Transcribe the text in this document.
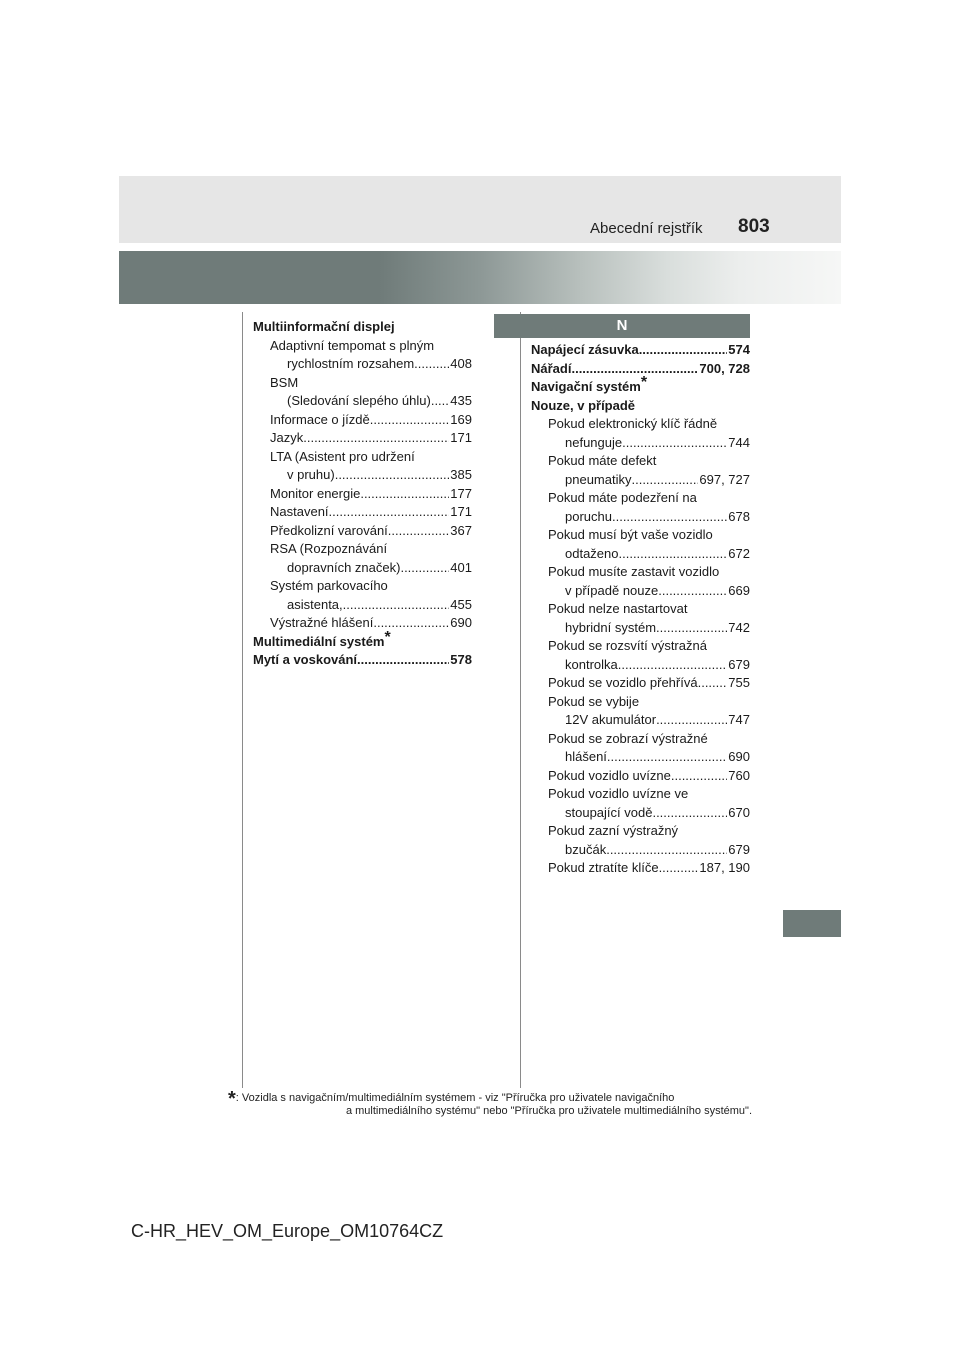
Abecední rejstřík 803
Multiinformační displej
Adaptivní tempomat s plným
rychlostním rozsahem .....	408
BSM
(Sledování slepého úhlu) ..... 435
Informace o jízdě .....	169
Jazyk .....	171
LTA (Asistent pro udržení
v pruhu) .....	385
Monitor energie .....	177
Nastavení .....	171
Předkolizní varování .....	367
RSA (Rozpoznávání
dopravních značek) .....	401
Systém parkovacího
asistenta, .....	455
Výstražné hlášení .....	690
Multimediální systém*
Mytí a voskování .....	578
N
Napájecí zásuvka .....	574
Nářadí .....	700, 728
Navigační systém*
Nouze, v případě
Pokud elektronický klíč řádně
nefunguje .....	744
Pokud máte defekt
pneumatiky .....	697, 727
Pokud máte podezření na
poruchu .....	678
Pokud musí být vaše vozidlo
odtaženo .....	672
Pokud musíte zastavit vozidlo
v případě nouze .....	669
Pokud nelze nastartovat
hybridní systém .....	742
Pokud se rozsvítí výstražná
kontrolka .....	679
Pokud se vozidlo přehřívá ..... 755
Pokud se vybije
12V akumulátor .....	747
Pokud se zobrazí výstražné
hlášení .....	690
Pokud vozidlo uvízne .....	760
Pokud vozidlo uvízne ve
stoupající vodě .....	670
Pokud zazní výstražný
bzučák .....	679
Pokud ztratíte klíče .....	187, 190
*: Vozidla s navigačním/multimediálním systémem - viz "Příručka pro uživatele navigačního
a multimediálního systému" nebo "Příručka pro uživatele multimediálního systému".
C-HR_HEV_OM_Europe_OM10764CZ
